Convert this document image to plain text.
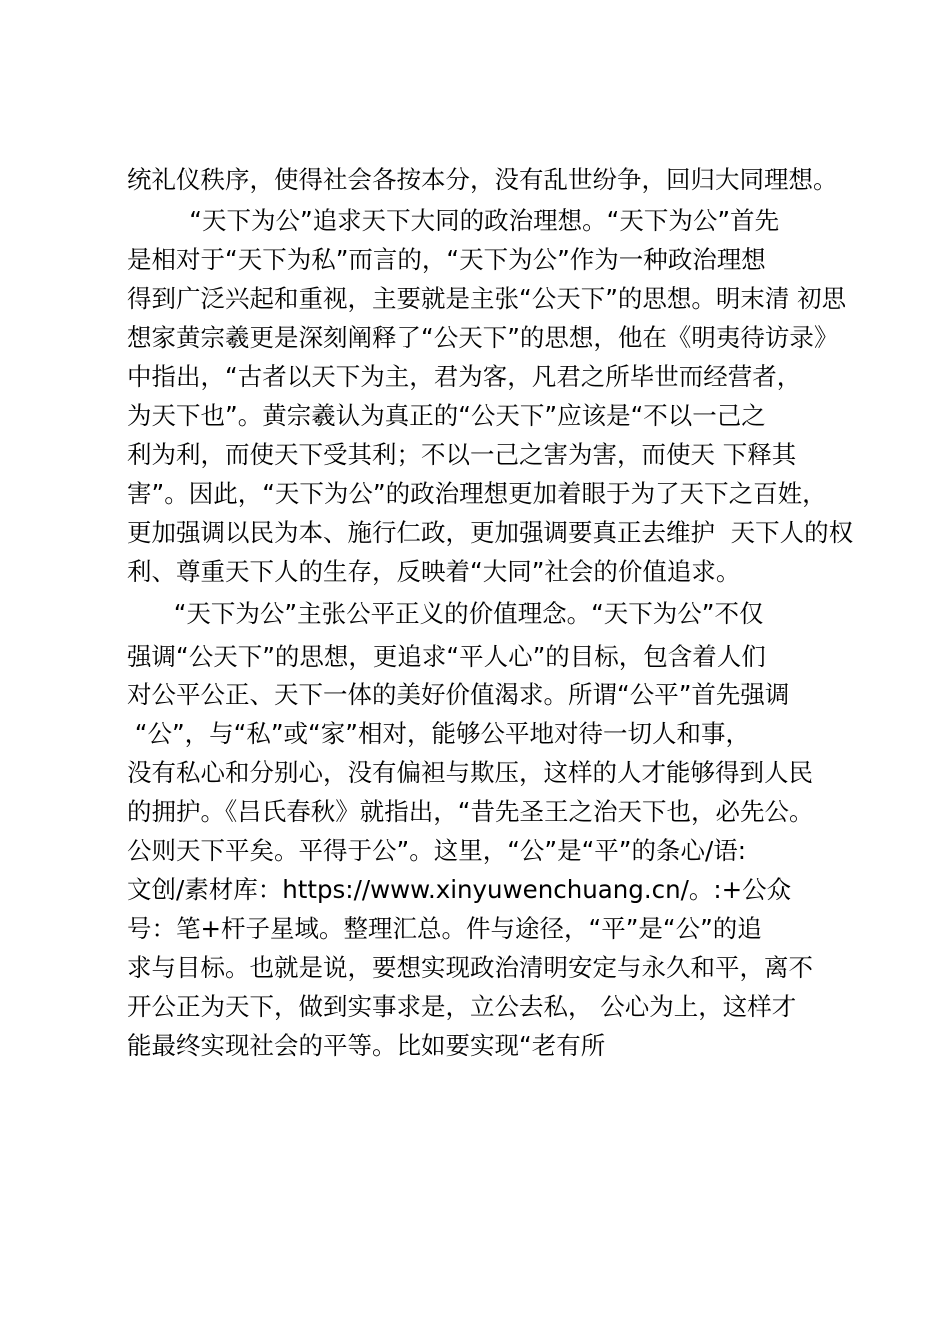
统礼仪秩序，使得社会各按本分，没有乱世纷争，回归大同理想。
“天下为公”追求天下大同的政治理想。“天下为公”首先
是相对于“天下为私”而言的，“天下为公”作为一种政治理想
得到广泛兴起和重视，主要就是主张“公天下”的思想。明末清 初思
想家黄宗羲更是深刻阐释了“公天下”的思想，他在《明夷待访录》
中指出，“古者以天下为主，君为客，凡君之所毕世而经营者，
为天下也”。黄宗羲认为真正的“公天下”应该是“不以一己之
利为利，而使天下受其利；不以一己之害为害，而使天 下释其
害”。因此，“天下为公”的政治理想更加着眼于为了天下之百姓，
更加强调以民为本、施行仁政，更加强调要真正去维护  天下人的权
利、尊重天下人的生存，反映着“大同”社会的价值追求。
“天下为公”主张公平正义的价值理念。“天下为公”不仅
强调“公天下”的思想，更追求“平人心”的目标，包含着人们
对公平公正、天下一体的美好价值渴求。所谓“公平”首先强调
“公”，与“私”或“家”相对，能够公平地对待一切人和事，
没有私心和分别心，没有偏袒与欺压，这样的人才能够得到人民
的拥护。《吕氏春秋》就指出，“昔先圣王之治天下也，必先公。
公则天下平矣。平得于公”。这里，“公”是“平”的条心/语:
文创/素材库：https://www.xinyuwenchuang.cn/。:+公众
号：笔+杆子星域。整理汇总。件与途径，“平”是“公”的追
求与目标。也就是说，要想实现政治清明安定与永久和平，离不
开公正为天下，做到实事求是，立公去私， 公心为上，这样才
能最终实现社会的平等。比如要实现“老有所
